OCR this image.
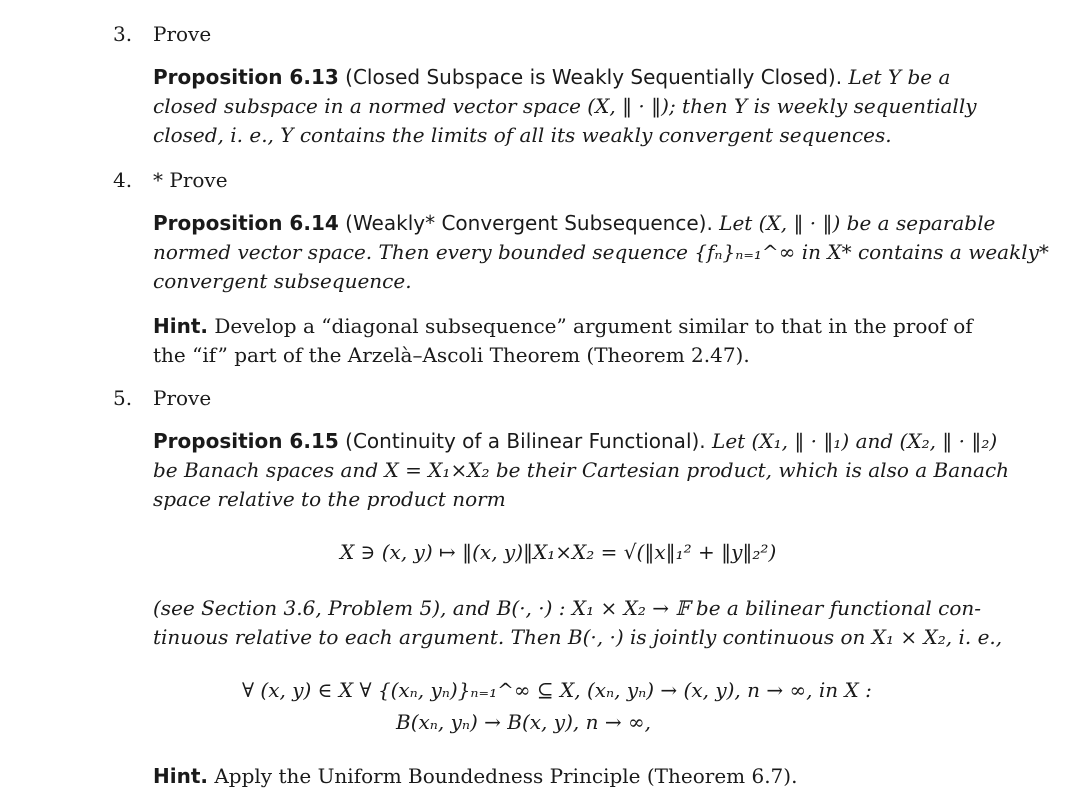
3. Prove
Proposition 6.13 (Closed Subspace is Weakly Sequentially Closed). Let Y be a
closed subspace in a normed vector space (X, ‖ · ‖); then Y is weekly sequentially
closed, i. e., Y contains the limits of all its weakly convergent sequences.
4. * Prove
Proposition 6.14 (Weakly* Convergent Subsequence). Let (X, ‖ · ‖) be a separable
normed vector space. Then every bounded sequence {fₙ}ₙ₌₁^∞ in X* contains a weakly*
convergent subsequence.
Hint. Develop a “diagonal subsequence” argument similar to that in the proof of
the “if” part of the Arzelà–Ascoli Theorem (Theorem 2.47).
5. Prove
Proposition 6.15 (Continuity of a Bilinear Functional). Let (X₁, ‖ · ‖₁) and (X₂, ‖ · ‖₂)
be Banach spaces and X = X₁×X₂ be their Cartesian product, which is also a Banach
space relative to the product norm
X ∋ (x, y) ↦ ‖(x, y)‖X₁×X₂ = √(‖x‖₁² + ‖y‖₂²)
(see Section 3.6, Problem 5), and B(·, ·) : X₁ × X₂ → 𝔽 be a bilinear functional con-
tinuous relative to each argument. Then B(·, ·) is jointly continuous on X₁ × X₂, i. e.,
∀ (x, y) ∈ X ∀ {(xₙ, yₙ)}ₙ₌₁^∞ ⊆ X, (xₙ, yₙ) → (x, y), n → ∞, in X :
B(xₙ, yₙ) → B(x, y), n → ∞,
Hint. Apply the Uniform Boundedness Principle (Theorem 6.7).
